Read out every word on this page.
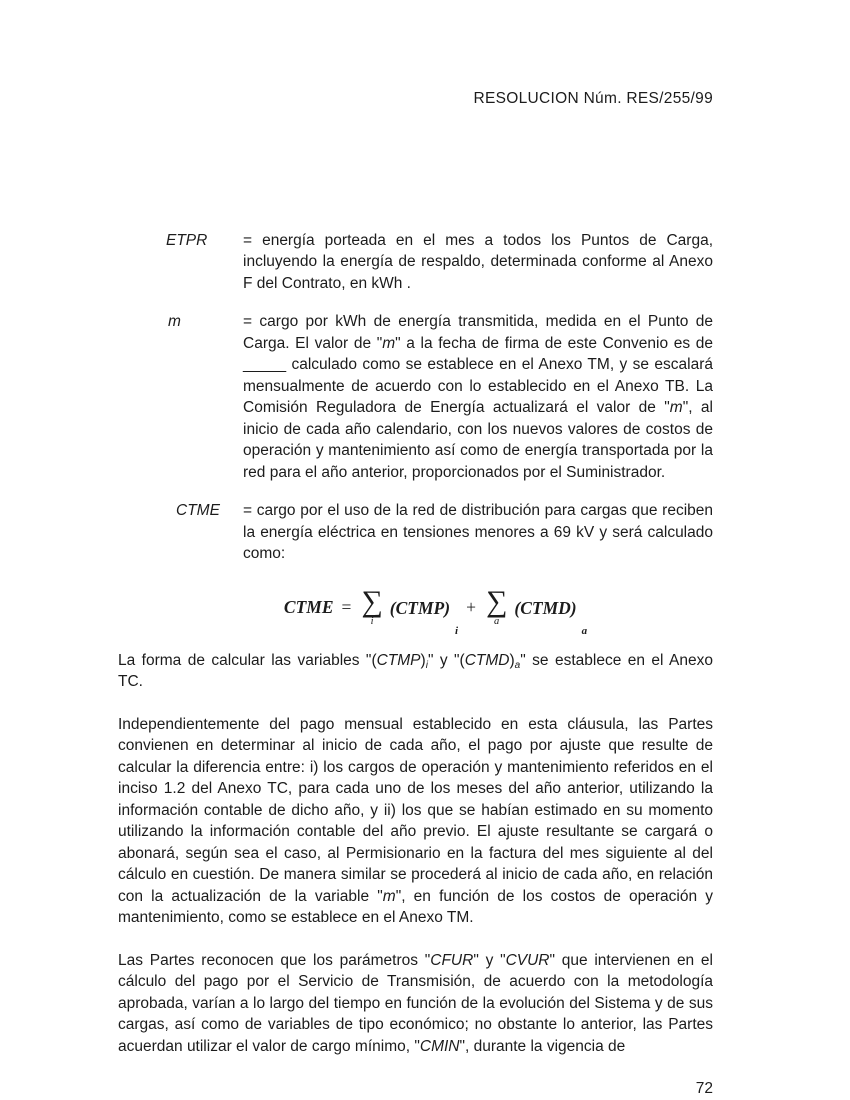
RESOLUCION Núm. RES/255/99
ETPR	= energía porteada en el mes a todos los Puntos de Carga, incluyendo la energía de respaldo, determinada conforme al Anexo F del Contrato, en kWh .
m	= cargo por kWh de energía transmitida, medida en el Punto de Carga. El valor de "m" a la fecha de firma de este Convenio es de _____ calculado como se establece en el Anexo TM, y se escalará mensualmente de acuerdo con lo establecido en el Anexo TB. La Comisión Reguladora de Energía actualizará el valor de "m", al inicio de cada año calendario, con los nuevos valores de costos de operación y mantenimiento así como de energía transportada por la red para el año anterior, proporcionados por el Suministrador.
CTME	= cargo por el uso de la red de distribución para cargas que reciben la energía eléctrica en tensiones menores a 69 kV y será calculado como:
CTME = ∑
i
(CTMP)
i
+ ∑
a
(CTMD)
a

La forma de calcular las variables "$(CTMP)_i$" y "$(CTMD)_a$" se establece en el Anexo TC.

Independientemente del pago mensual establecido en esta cláusula, las Partes convienen en determinar al inicio de cada año, el pago por ajuste que resulte de calcular la diferencia entre: i) los cargos de operación y mantenimiento referidos en el inciso 1.2 del Anexo TC, para cada uno de los meses del año anterior, utilizando la información contable de dicho año, y ii) los que se habían estimado en su momento utilizando la información contable del año previo. El ajuste resultante se cargará o abonará, según sea el caso, al Permisionario en la factura del mes siguiente al del cálculo en cuestión. De manera similar se procederá al inicio de cada año, en relación con la actualización de la variable "m", en función de los costos de operación y mantenimiento, como se establece en el Anexo TM.

Las Partes reconocen que los parámetros "CFUR" y "CVUR" que intervienen en el cálculo del pago por el Servicio de Transmisión, de acuerdo con la metodología aprobada, varían a lo largo del tiempo en función de la evolución del Sistema y de sus cargas, así como de variables de tipo económico; no obstante lo anterior, las Partes acuerdan utilizar el valor de cargo mínimo, "CMIN", durante la vigencia de

72
